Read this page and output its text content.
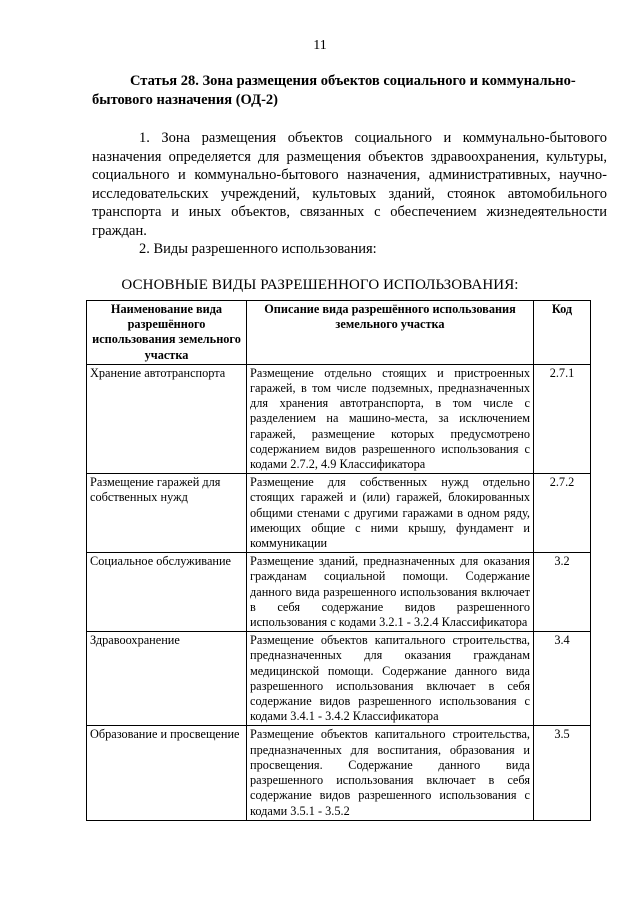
11
Статья 28. Зона размещения объектов социального и коммунально-бытового назначения (ОД-2)

1. Зона размещения объектов социального и коммунально-бытового назначения определяется для размещения объектов здравоохранения, культуры, социального и коммунально-бытового назначения, административных, научно-исследовательских учреждений, культовых зданий, стоянок автомобильного транспорта и иных объектов, связанных с обеспечением жизнедеятельности граждан.

2. Виды разрешенного использования:

ОСНОВНЫЕ ВИДЫ РАЗРЕШЕННОГО ИСПОЛЬЗОВАНИЯ:
Наименование вида разрешённого использования земельного участка	Описание вида разрешённого использования земельного участка	Код
Хранение автотранспорта	Размещение отдельно стоящих и пристроенных гаражей, в том числе подземных, предназначенных для хранения автотранспорта, в том числе с разделением на машино-места, за исключением гаражей, размещение которых предусмотрено содержанием видов разрешенного использования с кодами 2.7.2, 4.9 Классификатора	2.7.1
Размещение гаражей для собственных нужд	Размещение для собственных нужд отдельно стоящих гаражей и (или) гаражей, блокированных общими стенами с другими гаражами в одном ряду, имеющих общие с ними крышу, фундамент и коммуникации	2.7.2
Социальное обслуживание	Размещение зданий, предназначенных для оказания гражданам социальной помощи. Содержание данного вида разрешенного использования включает в себя содержание видов разрешенного использования с кодами 3.2.1 - 3.2.4 Классификатора	3.2
Здравоохранение	Размещение объектов капитального строительства, предназначенных для оказания гражданам медицинской помощи. Содержание данного вида разрешенного использования включает в себя содержание видов разрешенного использования с кодами 3.4.1 - 3.4.2 Классификатора	3.4
Образование и просвещение	Размещение объектов капитального строительства, предназначенных для воспитания, образования и просвещения. Содержание данного вида разрешенного использования включает в себя содержание видов разрешенного использования с кодами 3.5.1 - 3.5.2	3.5
